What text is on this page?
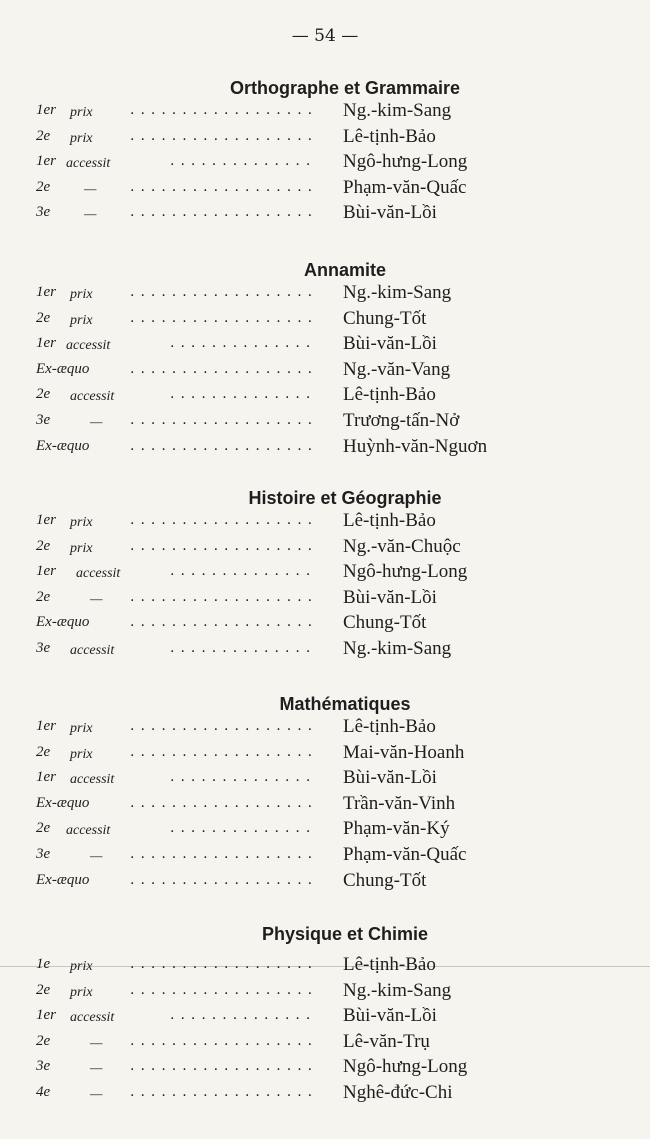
— 54 —
Orthographe et Grammaire
1er prix	..................	Ng.-kim-Sang
2e prix	..................	Lê-tịnh-Bảo
1er accessit	..............	Ngô-hưng-Long
2e — ..................	Phạm-văn-Quấc
3e — ..................	Bùi-văn-Lồi
Annamite
1er prix	..................	Ng.-kim-Sang
2e prix	..................	Chung-Tốt
1er accessit	..............	Bùi-văn-Lồi
Ex-æquo	..................	Ng.-văn-Vang
2e accessit	..............	Lê-tịnh-Bảo
3e	— ..................	Trương-tấn-Nở
Ex-æquo	..................	Huỳnh-văn-Nguơn
Histoire et Géographie
1er prix	..................	Lê-tịnh-Bảo
2e prix	..................	Ng.-văn-Chuộc
1er accessit	..............	Ngô-hưng-Long
2e	— ..................	Bùi-văn-Lồi
Ex-æquo	..................	Chung-Tốt
3e accessit	..............	Ng.-kim-Sang
Mathématiques
1er prix	..................	Lê-tịnh-Bảo
2e prix	..................	Mai-văn-Hoanh
1er accessit	..............	Bùi-văn-Lồi
Ex-æquo	..................	Trần-văn-Vinh
2e accessit	..............	Phạm-văn-Ký
3e	— ..................	Phạm-văn-Quấc
Ex-æquo	..................	Chung-Tốt
Physique et Chimie
1e prix	..................	Lê-tịnh-Bảo
2e prix	..................	Ng.-kim-Sang
1er accessit	..............	Bùi-văn-Lồi
2e	— ..................	Lê-văn-Trụ
3e	— ..................	Ngô-hưng-Long
4e	— ..................	Nghê-đức-Chi
